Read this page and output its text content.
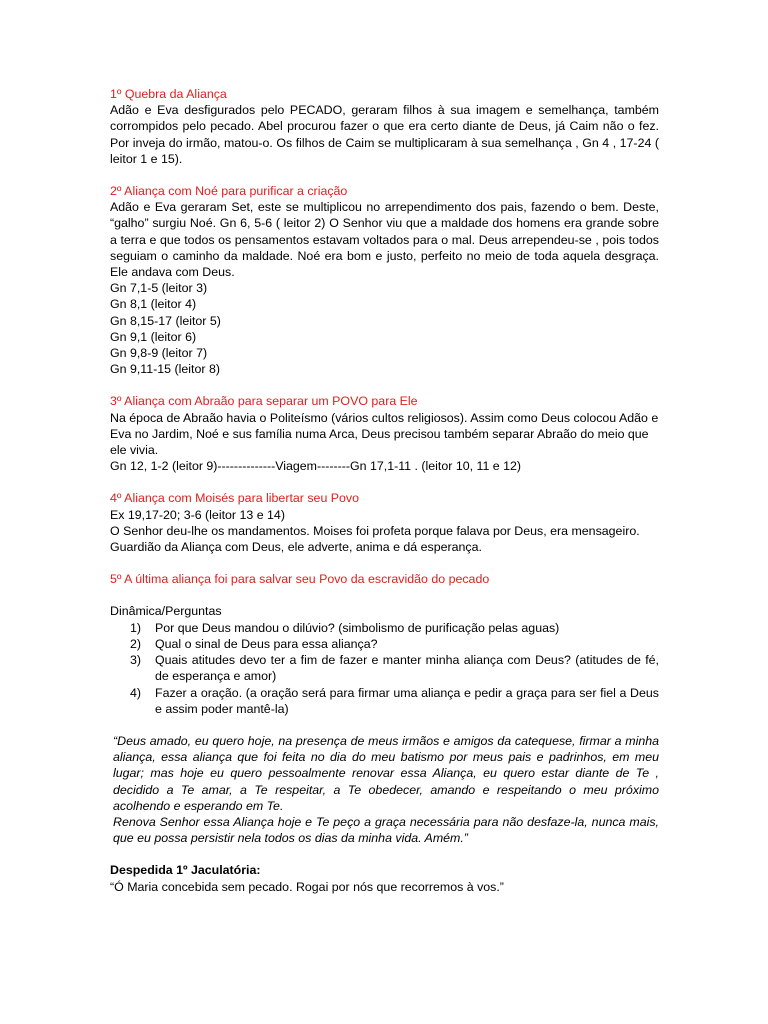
1º Quebra da Aliança

Adão e Eva desfigurados pelo PECADO, geraram filhos à sua imagem e semelhança, também corrompidos pelo pecado. Abel procurou fazer o que era certo diante de Deus, já Caim não o fez. Por inveja do irmão, matou-o. Os filhos de Caim se multiplicaram à sua semelhança , Gn 4 , 17-24 ( leitor 1 e 15).

2º Aliança com Noé para purificar a criação

Adão e Eva geraram Set, este se multiplicou no arrependimento dos pais, fazendo o bem. Deste, “galho” surgiu Noé. Gn 6, 5-6 ( leitor 2) O Senhor viu que a maldade dos homens era grande sobre a terra e que todos os pensamentos estavam voltados para o mal. Deus arrependeu-se , pois todos seguiam o caminho da maldade. Noé era bom e justo, perfeito no meio de toda aquela desgraça. Ele andava com Deus.

Gn 7,1-5 (leitor 3)
Gn 8,1 (leitor 4)
Gn 8,15-17 (leitor 5)
Gn 9,1 (leitor 6)
Gn 9,8-9 (leitor 7)
Gn 9,11-15 (leitor 8)

3º Aliança com Abraão para separar um POVO para Ele

Na época de Abraão havia o Politeísmo (vários cultos religiosos). Assim como Deus colocou Adão e Eva no Jardim, Noé e sus família numa Arca, Deus precisou também separar Abraão do meio que ele vivia.

Gn 12, 1-2 (leitor 9)--------------Viagem--------Gn 17,1-11 . (leitor 10, 11 e 12)

4º Aliança com Moisés para libertar seu Povo

Ex 19,17-20; 3-6 (leitor 13 e 14)

O Senhor deu-lhe os mandamentos. Moises foi profeta porque falava por Deus, era mensageiro. Guardião da Aliança com Deus, ele adverte, anima e dá esperança.

5º A última aliança foi para salvar seu Povo da escravidão do pecado

Dinâmica/Perguntas

1) Por que Deus mandou o dilúvio? (simbolismo de purificação pelas aguas)
2) Qual o sinal de Deus para essa aliança?
3) Quais atitudes devo ter a fim de fazer e manter minha aliança com Deus? (atitudes de fé, de esperança e amor)
4) Fazer a oração. (a oração será para firmar uma aliança e pedir a graça para ser fiel a Deus e assim poder mantê-la)

“Deus amado, eu quero hoje, na presença de meus irmãos e amigos da catequese, firmar a minha aliança, essa aliança que foi feita no dia do meu batismo por meus pais e padrinhos, em meu lugar; mas hoje eu quero pessoalmente renovar essa Aliança, eu quero estar diante de Te , decidido a Te amar, a Te respeitar, a Te obedecer, amando e respeitando o meu próximo acolhendo e esperando em Te.

Renova Senhor essa Aliança hoje e Te peço a graça necessária para não desfaze-la, nunca mais, que eu possa persistir nela todos os dias da minha vida. Amém.”

Despedida 1º Jaculatória:

“Ó Maria concebida sem pecado. Rogai por nós que recorremos à vos.”
